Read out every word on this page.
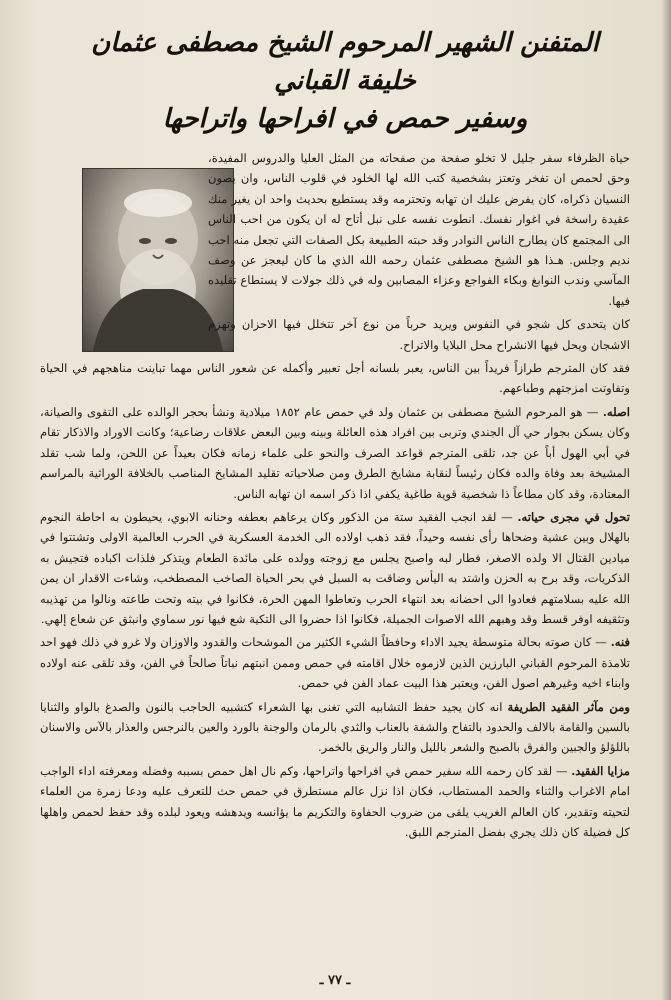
المتفنن الشهير المرحوم الشيخ مصطفى عثمان خليفة القباني
وسفير حمص في افراحها واتراحها

حياة الظرفاء سفر جليل لا تخلو صفحة من صفحاته من المثل العليا والدروس المفيدة، وحق لحمص ان تفخر وتعتز بشخصية كتب الله لها الخلود في قلوب الناس، وان يصون النسيان ذكراه، كان يفرض عليك ان تهابه وتحترمه وقد يستطيع بحديث واحد ان يغير منك عقيدة راسخة في اغوار نفسك. انطوت نفسه على نبل أتاح له ان يكون من احب الناس الى المجتمع كان يطارح الناس النوادر وقد حبته الطبيعة بكل الصفات التي تجعل منه احب نديم وجلس. هـذا هو الشيخ مصطفى عثمان رحمه الله الذي ما كان ليعجز عن وصف المآسي وندب النوابغ وبكاء الفواجع وعزاء المصابين وله في ذلك جولات لا يستطاع تقليده فيها.

كان يتحدى كل شجو في النفوس ويريد حرباً من نوع آخر تتخلل فيها الاحزان وتهزم الاشجان ويحل فيها الانشراح محل البلايا والاتراح.

فقد كان المترجم طرازاً فريداً بين الناس، يعبر بلسانه أجل تعبير وأكمله عن شعور الناس مهما تباينت مناهجهم في الحياة وتفاوتت امزجتهم وطباعهم.

اصله. — هو المرحوم الشيخ مصطفى بن عثمان ولد في حمص عام ١٨٥٢ ميلادية ونشأ بحجر الوالده على التقوى والصيانة، وكان يسكن بجوار حي آل الجندي وتربى بين افراد هذه العائلة وبينه وبين البعض علاقات رضاعية؛ وكانت الاوراد والاذكار تقام في أبي الهول أباً عن جد، تلقى المترجم قواعد الصرف والنحو على علماء زمانه فكان بعيداً عن اللحن، ولما شب تقلد المشيخة بعد وفاة والده فكان رئيساً لنقابة مشايخ الطرق ومن صلاحياته تقليد المشايخ المناصب بالخلافة الوراثية بالمراسم المعتادة، وقد كان مطاعاً ذا شخصية قوية طاغية يكفي اذا ذكر اسمه ان تهابه الناس.

تحول في مجرى حياته. — لقد انجب الفقيد ستة من الذكور وكان يرعاهم بعطفه وحنانه الابوي، يحيطون به احاطة النجوم بالهلال وبين عشية وضحاها رأى نفسه وحيداً، فقد ذهب اولاده الى الخدمة العسكرية في الحرب العالمية الاولى وتشتتوا في ميادين القتال الا ولده الاصغر، فطار لبه واصبح يجلس مع زوجته وولده على مائدة الطعام ويتذكر فلذات اكباده فتجيش به الذكريات، وقد برح به الحزن واشتد به اليأس وضاقت به السبل في بحر الحياة الصاخب المصطخب، وشاءت الاقدار ان يمن الله عليه بسلامتهم فعادوا الى احضانه بعد انتهاء الحرب وتعاطوا المهن الحرة، فكانوا في بيته وتحت طاعته ونالوا من تهذيبه وتثقيفه اوفر قسط وقد وهبهم الله الاصوات الجميلة، فكانوا اذا حضروا الى التكية شع فيها نور سماوي وانبثق عن شعاع إلهي.

فنه. — كان صوته بحالة متوسطة يجيد الاداء وحافظاً الشيء الكثير من الموشحات والقدود والاوزان ولا غرو في ذلك فهو احد تلامذة المرحوم القباني البارزين الذين لازموه خلال اقامته في حمص وممن انبتهم نباتاً صالحاً في الفن، وقد تلقى عنه اولاده وابناء اخيه وغيرهم اصول الفن، ويعتبر هذا البيت عماد الفن في حمص.

ومن مآثر الفقيد الطريفة انه كان يجيد حفظ التشابيه التي تغنى بها الشعراء كتشبيه الحاجب بالنون والصدغ بالواو والثنايا بالسين والقامة بالالف والحدود بالتفاح والشفة بالعناب والثدي بالرمان والوجنة بالورد والعين بالنرجس والعذار بالآس والاسنان باللؤلؤ والجبين والفرق بالصبح والشعر بالليل والنار والريق بالخمر.

مزايا الفقيد. — لقد كان رحمه الله سفير حمص في افراحها واتراحها، وكم نال اهل حمص بسببه وفضله ومعرفته اداء الواجب امام الاغراب والثناء والحمد المستطاب، فكان اذا نزل عالم مستطرق في حمص حث للتعرف عليه ودعا زمرة من العلماء لتحيته وتقدير، كان العالم الغريب يلقى من ضروب الحفاوة والتكريم ما يؤانسه ويدهشه ويعود لبلده وقد حفظ لحمص واهلها كل فضيلة كان ذلك يجري بفضل المترجم اللبق.

ـ ٧٧ ـ
